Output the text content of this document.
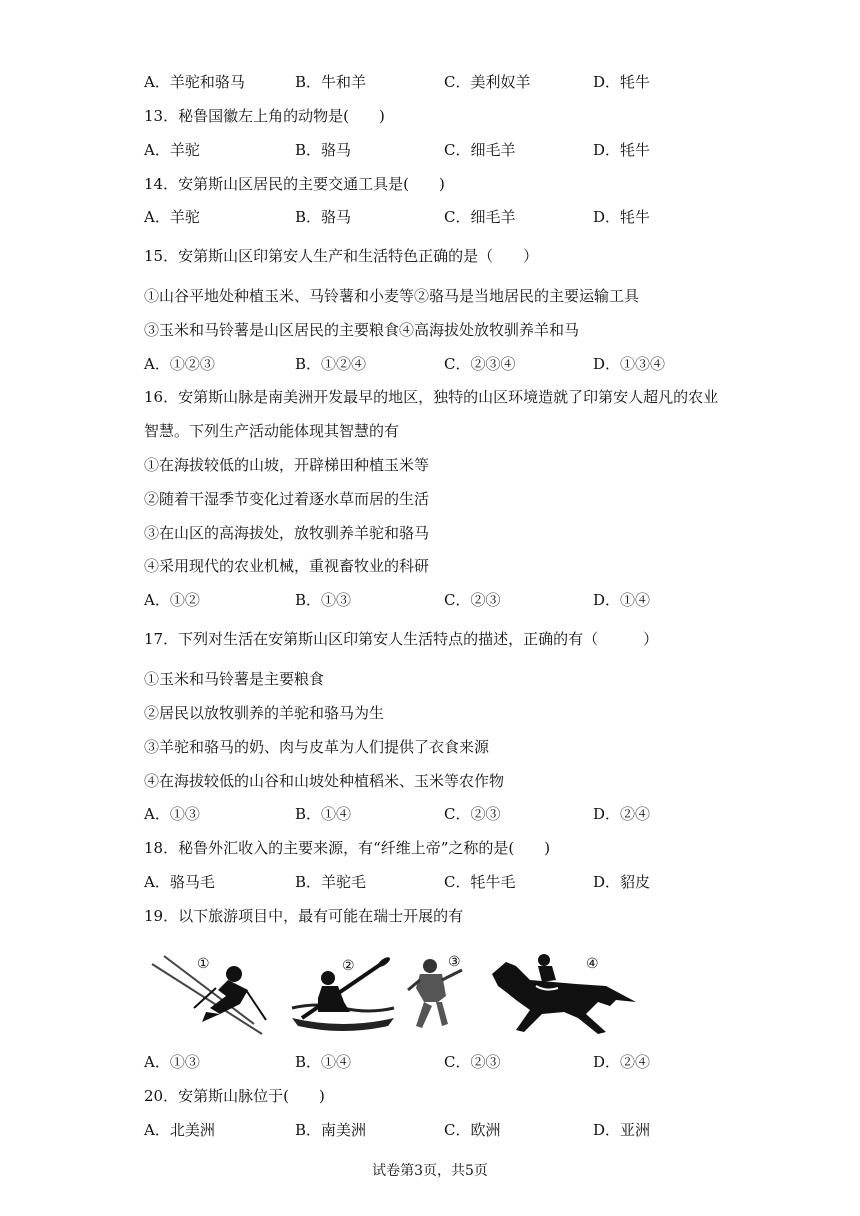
A．羊驼和骆马	B．牛和羊	C．美利奴羊	D．牦牛
13．秘鲁国徽左上角的动物是(　　)
A．羊驼	B．骆马	C．细毛羊	D．牦牛
14．安第斯山区居民的主要交通工具是(　　)
A．羊驼	B．骆马	C．细毛羊	D．牦牛
15．安第斯山区印第安人生产和生活特色正确的是（　　）
①山谷平地处种植玉米、马铃薯和小麦等②骆马是当地居民的主要运输工具
③玉米和马铃薯是山区居民的主要粮食④高海拔处放牧驯养羊和马
A．①②③	B．①②④	C．②③④	D．①③④
16．安第斯山脉是南美洲开发最早的地区，独特的山区环境造就了印第安人超凡的农业
智慧。下列生产活动能体现其智慧的有
①在海拔较低的山坡，开辟梯田种植玉米等
②随着干湿季节变化过着逐水草而居的生活
③在山区的高海拔处，放牧驯养羊驼和骆马
④采用现代的农业机械，重视畜牧业的科研
A．①②	B．①③	C．②③	D．①④
17．下列对生活在安第斯山区印第安人生活特点的描述，正确的有（　　　）
①玉米和马铃薯是主要粮食
②居民以放牧驯养的羊驼和骆马为生
③羊驼和骆马的奶、肉与皮革为人们提供了衣食来源
④在海拔较低的山谷和山坡处种植稻米、玉米等农作物
A．①③	B．①④	C．②③	D．②④
18．秘鲁外汇收入的主要来源，有“纤维上帝”之称的是(　　)
A．骆马毛	B．羊驼毛	C．牦牛毛	D．貂皮
19．以下旅游项目中，最有可能在瑞士开展的有
①	②	③	④
A．①③	B．①④	C．②③	D．②④
20．安第斯山脉位于(　　)
A．北美洲	B．南美洲	C．欧洲	D．亚洲
试卷第3页，共5页
